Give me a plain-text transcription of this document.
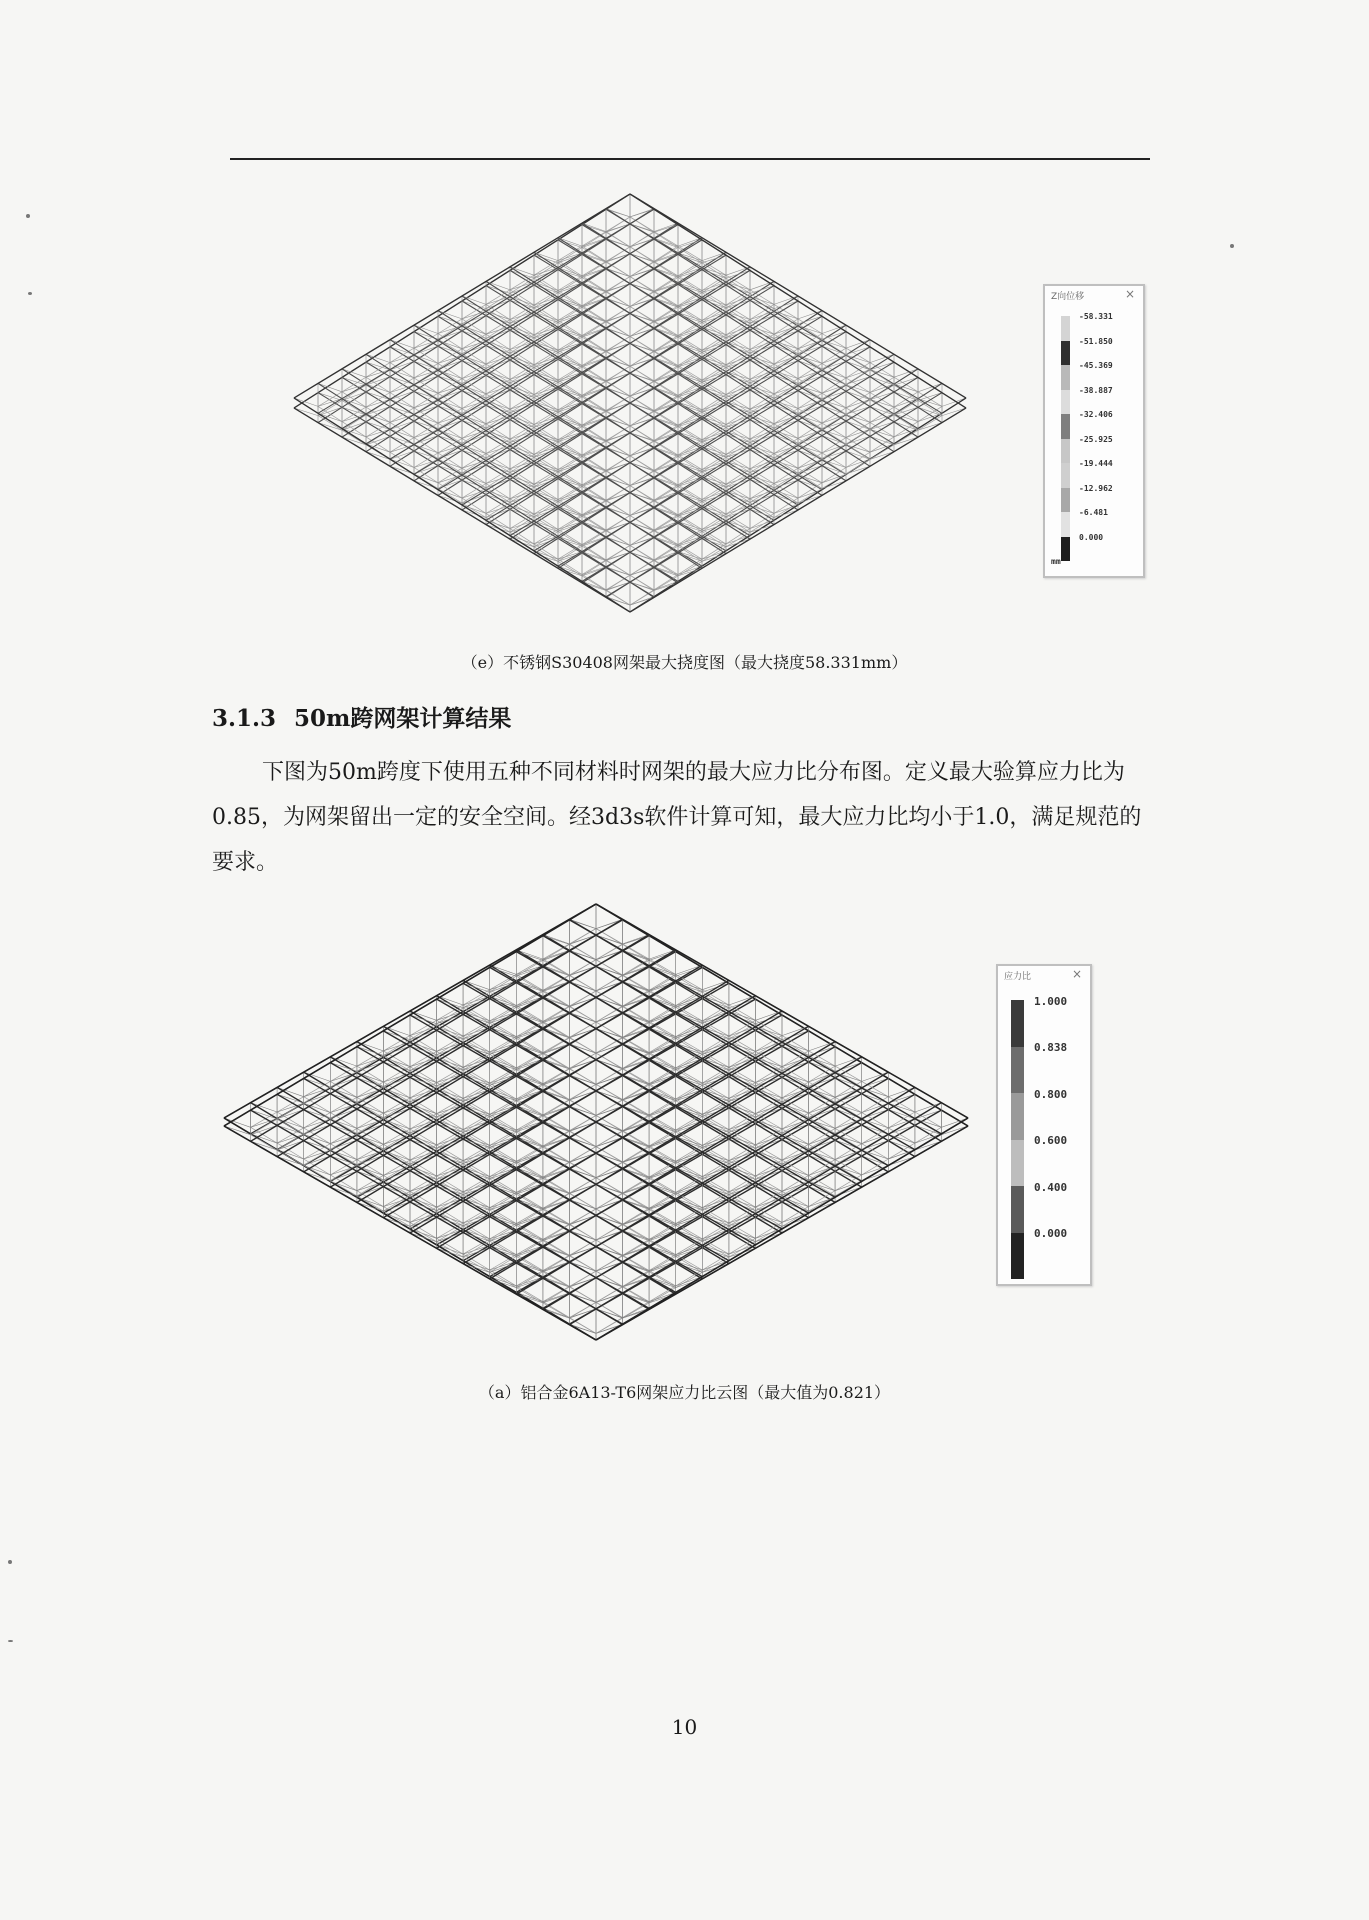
Z向位移	×
-58.331
-51.850
-45.369
-38.887
-32.406
-25.925
-19.444
-12.962
-6.481
0.000
mm
（e）不锈钢S30408网架最大挠度图（最大挠度58.331mm）
3.1.3 50m跨网架计算结果

下图为50m跨度下使用五种不同材料时网架的最大应力比分布图。定义最大验算应力比为0.85，为网架留出一定的安全空间。经3d3s软件计算可知，最大应力比均小于1.0，满足规范的要求。

应力比	×
1.000
0.838
0.800
0.600
0.400
0.000
（a）铝合金6A13-T6网架应力比云图（最大值为0.821）
10
